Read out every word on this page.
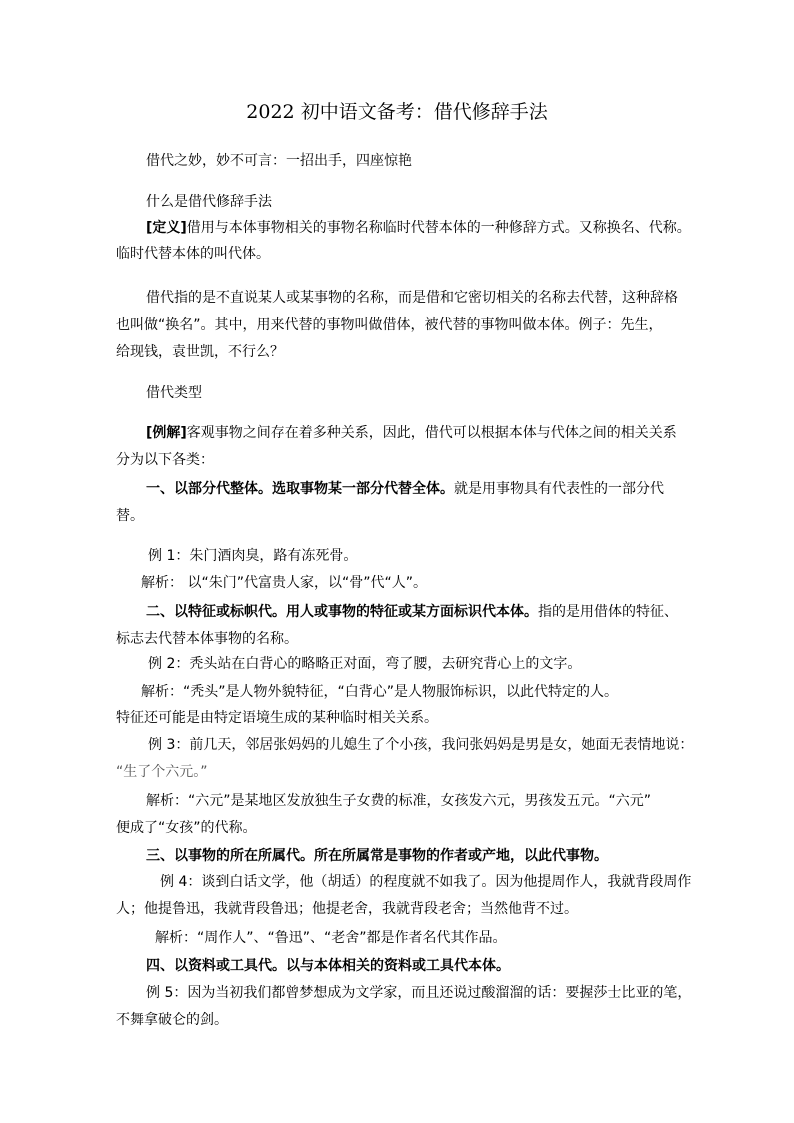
2022 初中语文备考：借代修辞手法
借代之妙，妙不可言：一招出手，四座惊艳
什么是借代修辞手法
[定义]借用与本体事物相关的事物名称临时代替本体的一种修辞方式。又称换名、代称。
临时代替本体的叫代体。
借代指的是不直说某人或某事物的名称，而是借和它密切相关的名称去代替，这种辞格
也叫做“换名”。其中，用来代替的事物叫做借体，被代替的事物叫做本体。例子：先生，
给现钱，袁世凯，不行么？
借代类型
[例解]客观事物之间存在着多种关系，因此，借代可以根据本体与代体之间的相关关系
分为以下各类：
一、以部分代整体。选取事物某一部分代替全体。就是用事物具有代表性的一部分代
替。
例 1：朱门酒肉臭，路有冻死骨。
解析： 以“朱门”代富贵人家，以“骨”代“人”。
二、以特征或标帜代。用人或事物的特征或某方面标识代本体。指的是用借体的特征、
标志去代替本体事物的名称。
例 2：秃头站在白背心的略略正对面，弯了腰，去研究背心上的文字。
解析：“秃头”是人物外貌特征，“白背心”是人物服饰标识，以此代特定的人。
特征还可能是由特定语境生成的某种临时相关关系。
例 3：前几天，邻居张妈妈的儿媳生了个小孩，我问张妈妈是男是女，她面无表情地说：
“生了个六元。”
解析：“六元”是某地区发放独生子女费的标准，女孩发六元，男孩发五元。“六元”
便成了“女孩”的代称。
三、以事物的所在所属代。所在所属常是事物的作者或产地，以此代事物。
例 4：谈到白话文学，他（胡适）的程度就不如我了。因为他提周作人，我就背段周作
人；他提鲁迅，我就背段鲁迅；他提老舍，我就背段老舍；当然他背不过。
解析：“周作人”、“鲁迅”、“老舍”都是作者名代其作品。
四、以资料或工具代。以与本体相关的资料或工具代本体。
例 5：因为当初我们都曾梦想成为文学家，而且还说过酸溜溜的话：要握莎士比亚的笔，
不舞拿破仑的剑。
